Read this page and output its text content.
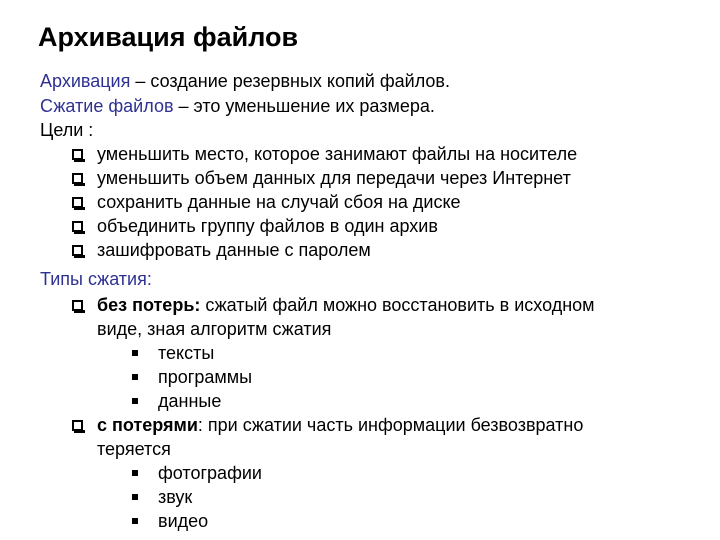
Архивация файлов
Архивация – создание резервных копий файлов.
Сжатие файлов – это уменьшение их размера.
Цели :
уменьшить место, которое занимают файлы на носителе
уменьшить объем данных для передачи через Интернет
сохранить данные на случай сбоя на диске
объединить группу файлов в один архив
зашифровать данные с паролем
Типы сжатия:
без потерь: сжатый файл можно восстановить в исходном
виде, зная алгоритм сжатия
тексты
программы
данные
с потерями: при сжатии часть информации безвозвратно
теряется
фотографии
звук
видео
